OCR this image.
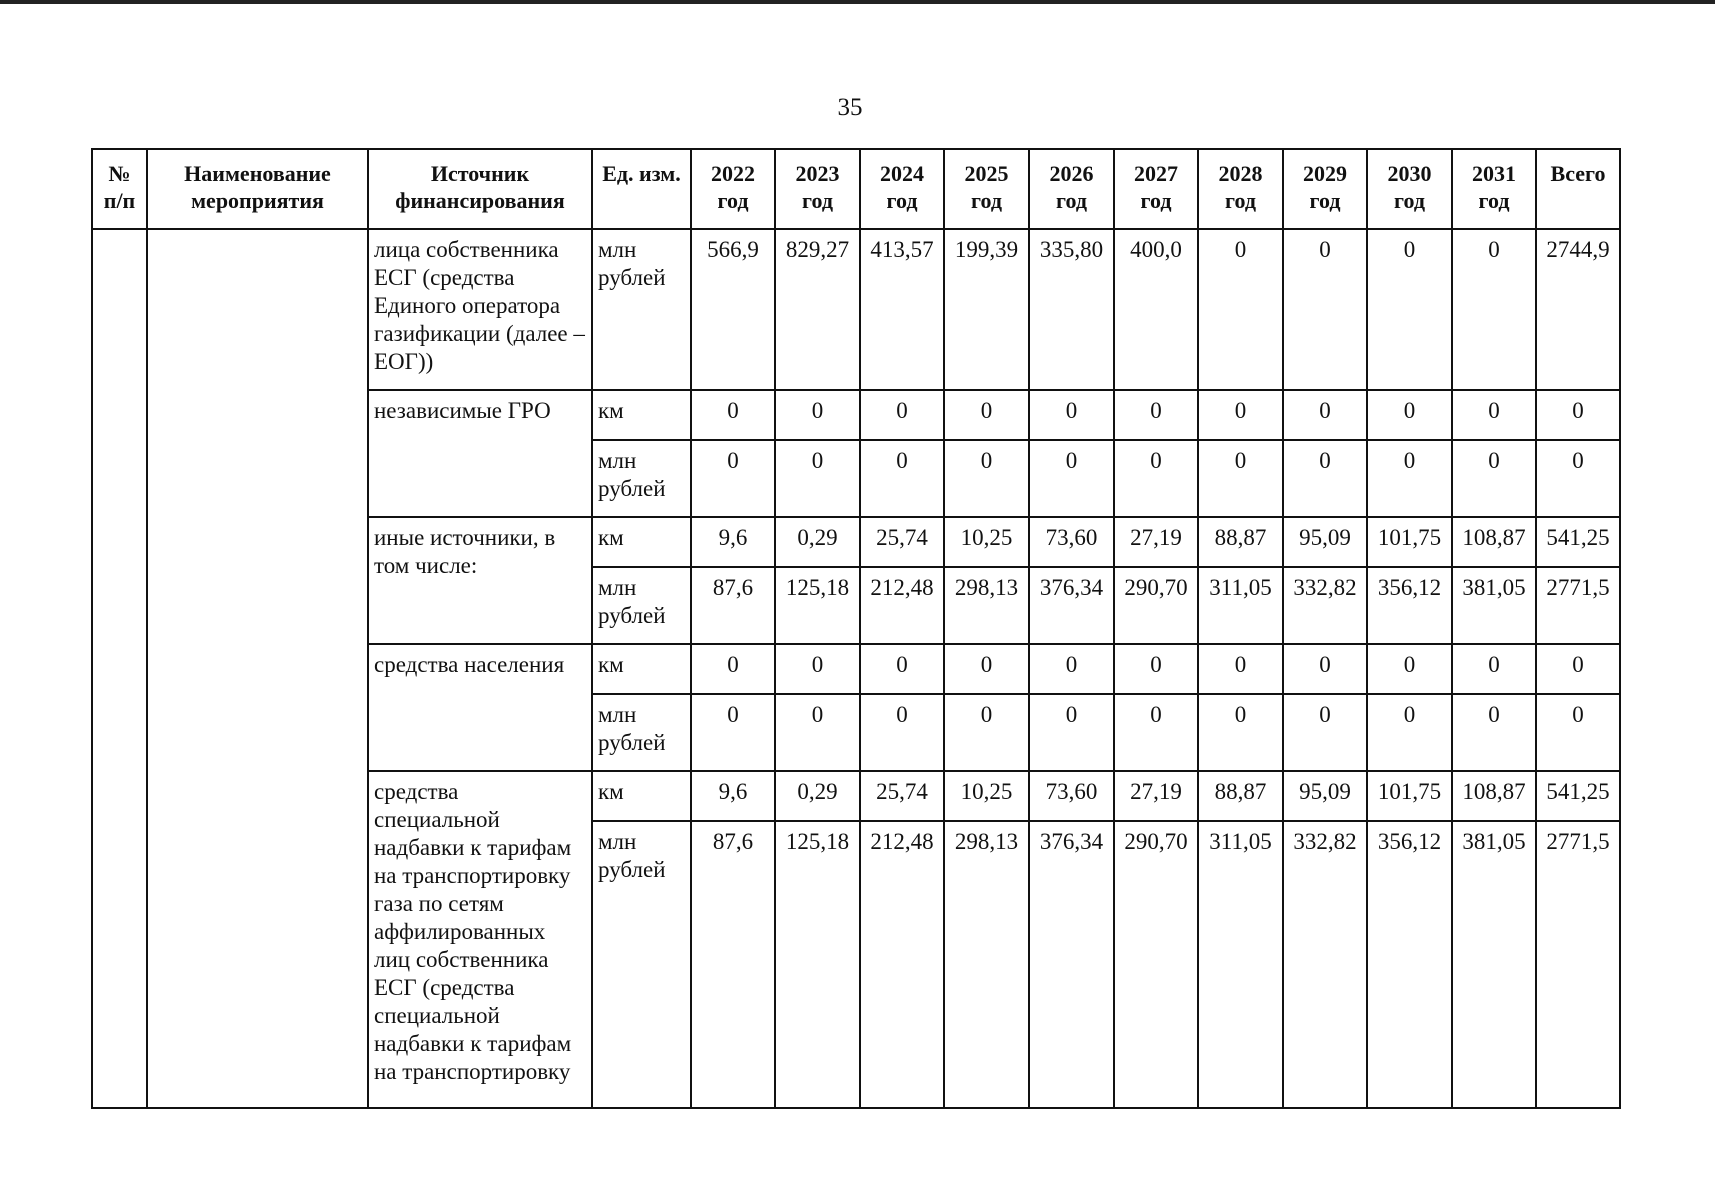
35
№ п/п	Наименование мероприятия	Источник финансирования	Ед. изм.	2022 год	2023 год	2024 год	2025 год	2026 год	2027 год	2028 год	2029 год	2030 год	2031 год	Всего
		лица собственника ЕСГ (средства Единого оператора газификации (далее – ЕОГ))	млн рублей	566,9	829,27	413,57	199,39	335,80	400,0	0	0	0	0	2744,9
		независимые ГРО	км	0	0	0	0	0	0	0	0	0	0	0
			млн рублей	0	0	0	0	0	0	0	0	0	0	0
		иные источники, в том числе:	км	9,6	0,29	25,74	10,25	73,60	27,19	88,87	95,09	101,75	108,87	541,25
			млн рублей	87,6	125,18	212,48	298,13	376,34	290,70	311,05	332,82	356,12	381,05	2771,5
		средства населения	км	0	0	0	0	0	0	0	0	0	0	0
			млн рублей	0	0	0	0	0	0	0	0	0	0	0
		средства специальной надбавки к тарифам на транспортировку газа по сетям аффилированных лиц собственника ЕСГ (средства специальной надбавки к тарифам на транспортировку	км	9,6	0,29	25,74	10,25	73,60	27,19	88,87	95,09	101,75	108,87	541,25
			млн рублей	87,6	125,18	212,48	298,13	376,34	290,70	311,05	332,82	356,12	381,05	2771,5
